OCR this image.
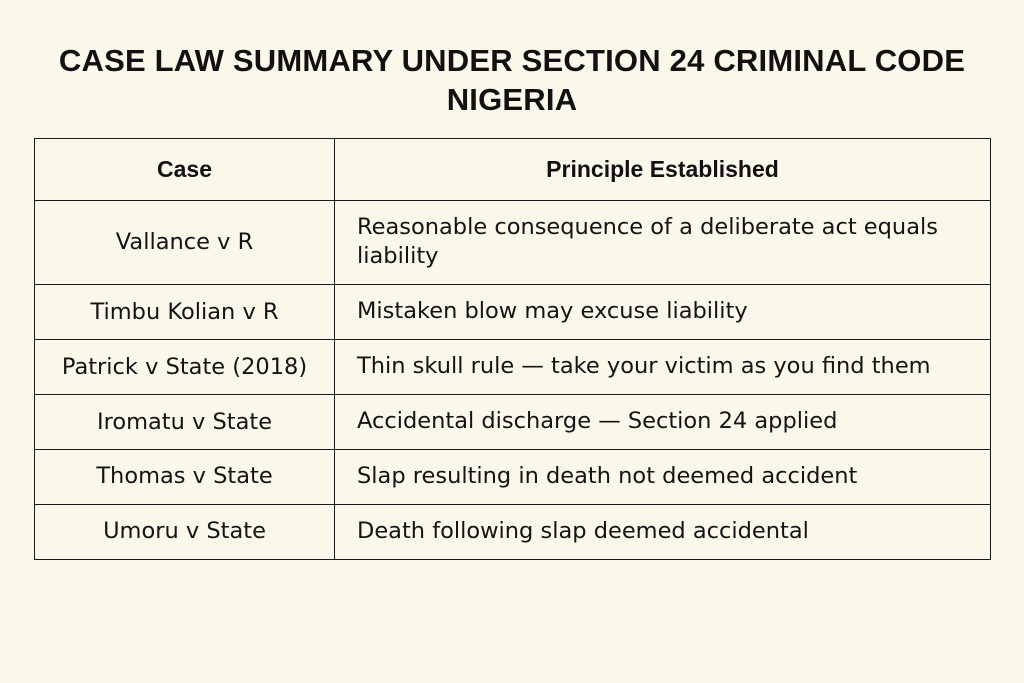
CASE LAW SUMMARY UNDER SECTION 24 CRIMINAL CODE NIGERIA
Case	Principle Established
Vallance v R	Reasonable consequence of a deliberate act equals liability
Timbu Kolian v R	Mistaken blow may excuse liability
Patrick v State (2018)	Thin skull rule — take your victim as you find them
Iromatu v State	Accidental discharge — Section 24 applied
Thomas v State	Slap resulting in death not deemed accident
Umoru v State	Death following slap deemed accidental
